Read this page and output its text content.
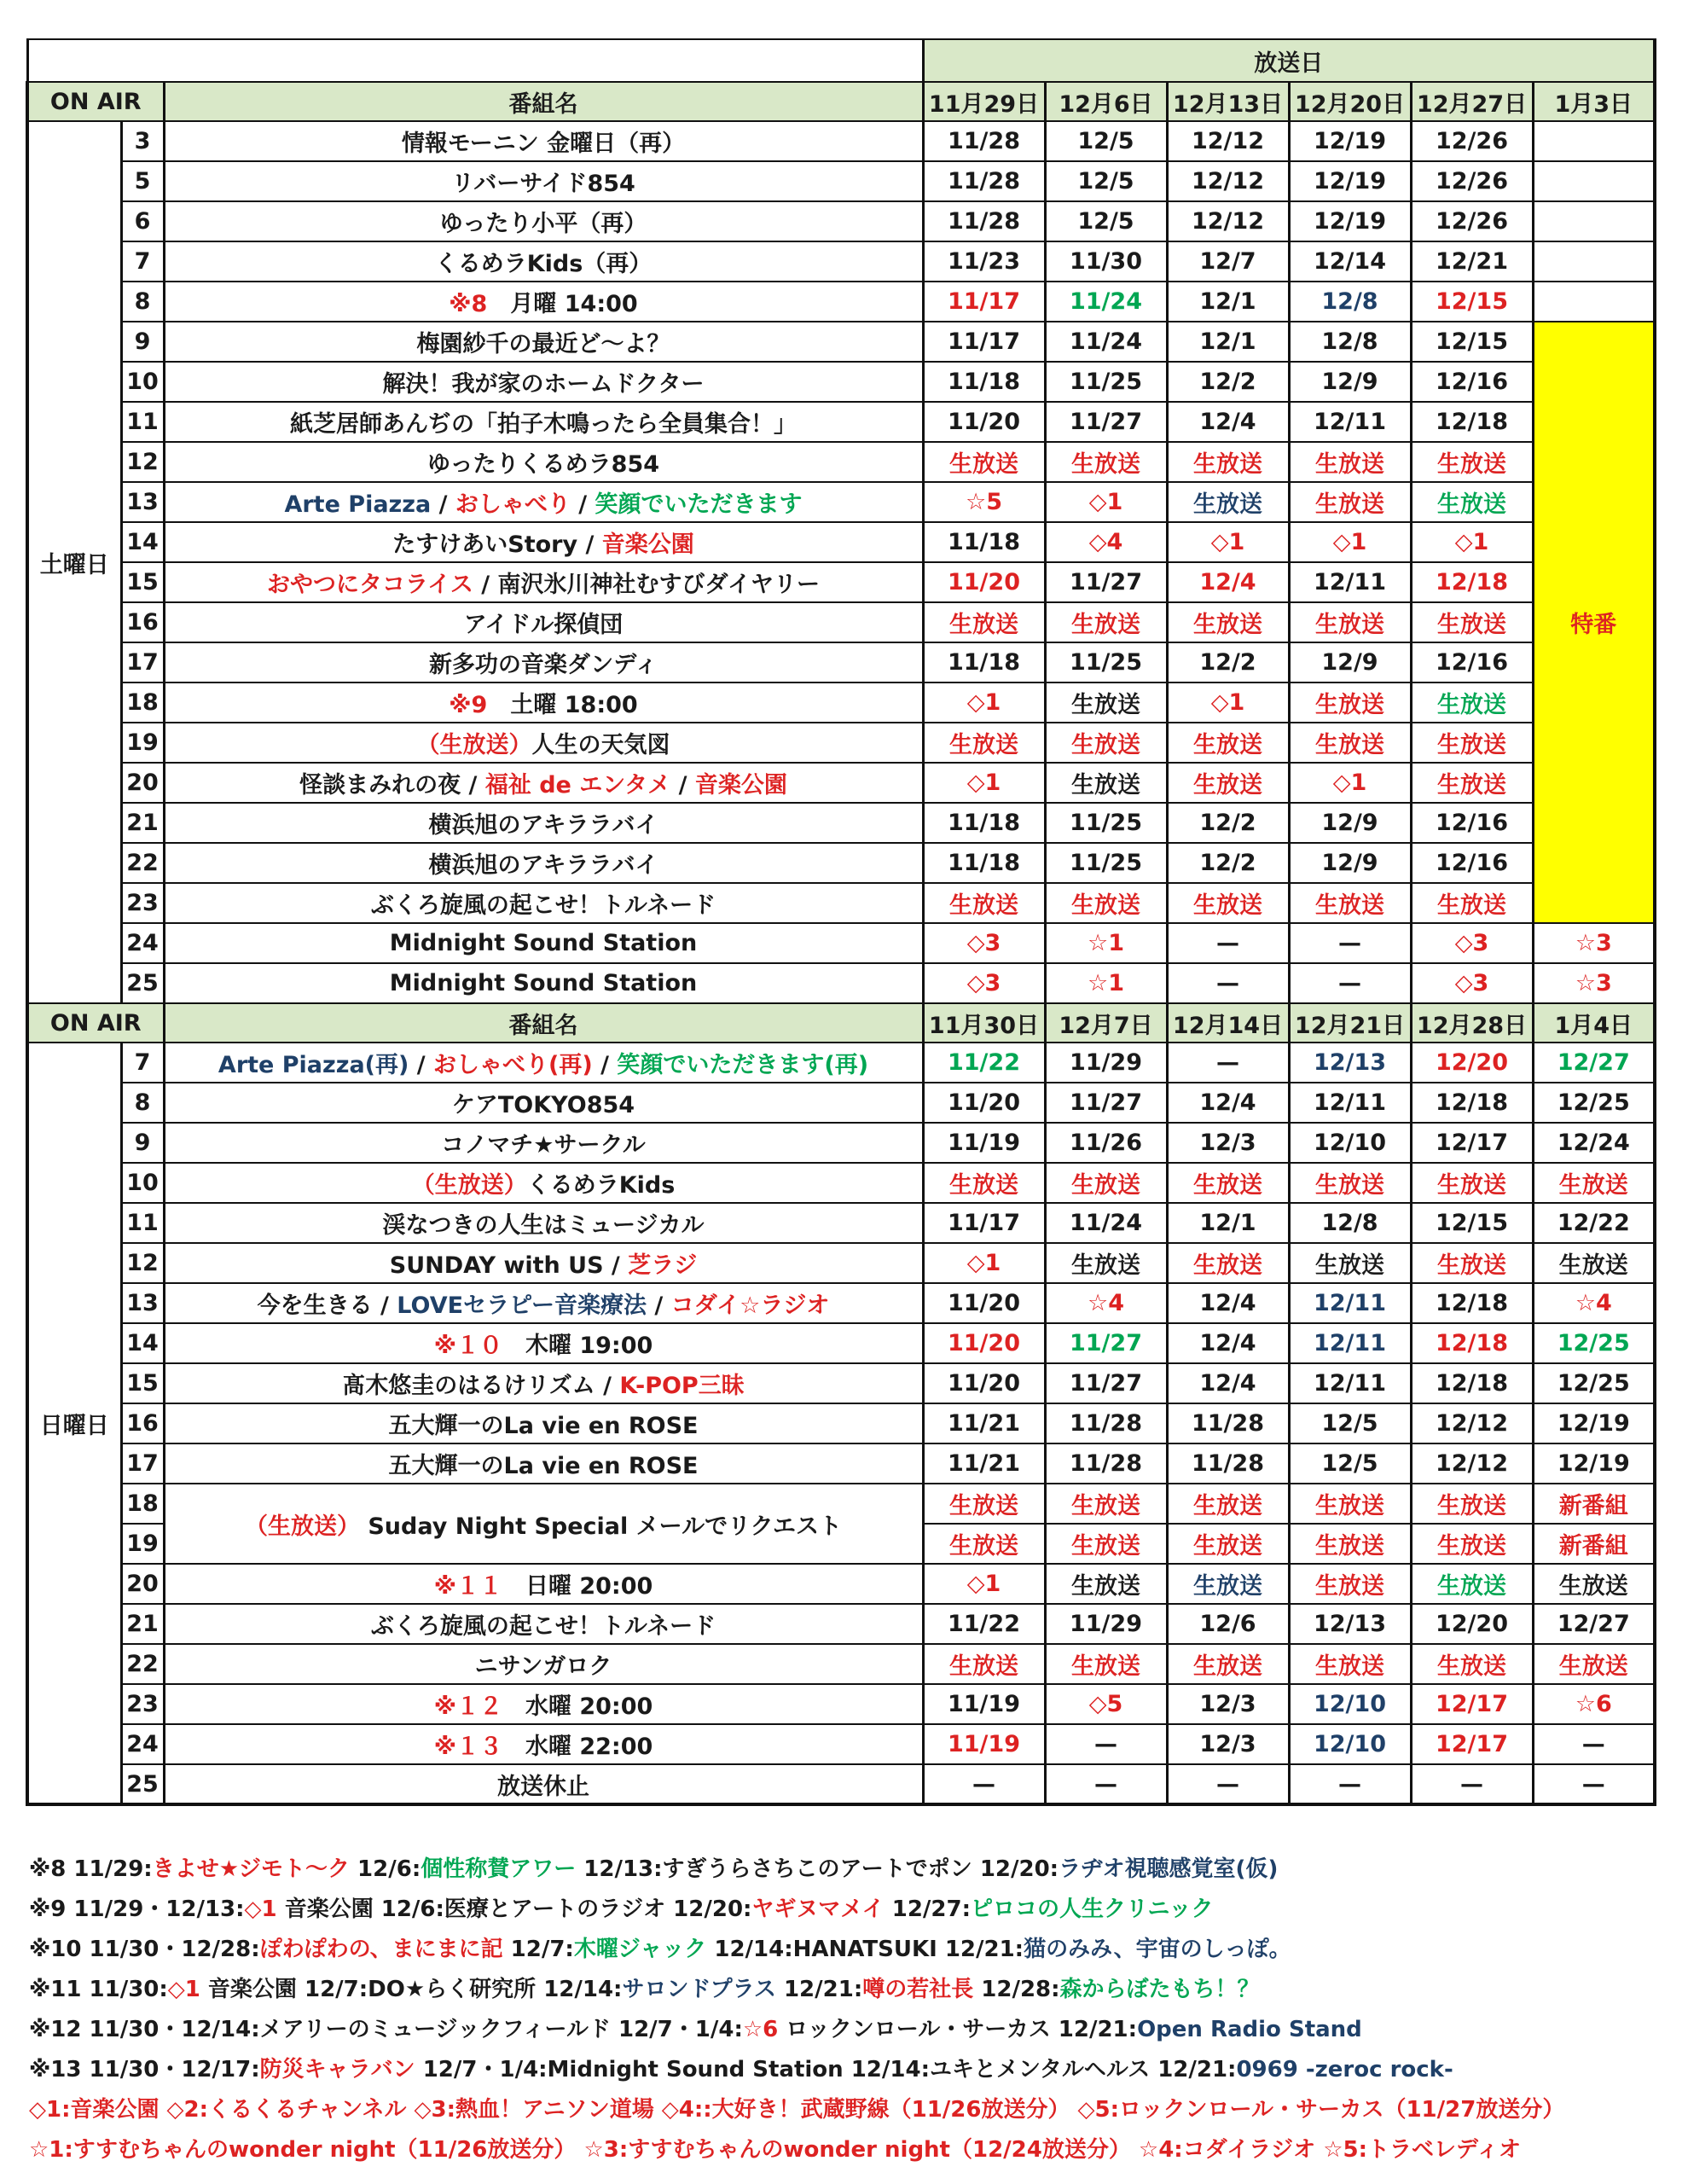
			放送日					
ON AIR		番組名	11月29日	12月6日	12月13日	12月20日	12月27日	1月3日
土曜日	3	情報モーニン 金曜日（再）	11/28	12/5	12/12	12/19	12/26	
	5	リバーサイド854	11/28	12/5	12/12	12/19	12/26	
	6	ゆったり小平（再）	11/28	12/5	12/12	12/19	12/26	
	7	くるめラKids（再）	11/23	11/30	12/7	12/14	12/21	
	8	※8　月曜 14:00	11/17	11/24	12/1	12/8	12/15	
	9	梅園紗千の最近ど～よ？	11/17	11/24	12/1	12/8	12/15	特番
	10	解決！我が家のホームドクター	11/18	11/25	12/2	12/9	12/16	
	11	紙芝居師あんぢの「拍子木鳴ったら全員集合！」	11/20	11/27	12/4	12/11	12/18	
	12	ゆったりくるめラ854	生放送	生放送	生放送	生放送	生放送	
	13	Arte Piazza / おしゃべり / 笑顔でいただきます	☆5	◇1	生放送	生放送	生放送	
	14	たすけあいStory / 音楽公園	11/18	◇4	◇1	◇1	◇1	
	15	おやつにタコライス / 南沢氷川神社むすびダイヤリー	11/20	11/27	12/4	12/11	12/18	
	16	アイドル探偵団	生放送	生放送	生放送	生放送	生放送	
	17	新多功の音楽ダンディ	11/18	11/25	12/2	12/9	12/16	
	18	※9　土曜 18:00	◇1	生放送	◇1	生放送	生放送	
	19	（生放送）人生の天気図	生放送	生放送	生放送	生放送	生放送	
	20	怪談まみれの夜 / 福祉 de エンタメ / 音楽公園	◇1	生放送	生放送	◇1	生放送	
	21	横浜旭のアキララバイ	11/18	11/25	12/2	12/9	12/16	
	22	横浜旭のアキララバイ	11/18	11/25	12/2	12/9	12/16	
	23	ぶくろ旋風の起こせ！トルネード	生放送	生放送	生放送	生放送	生放送	
	24	Midnight Sound Station	◇3	☆1	—	—	◇3	☆3
	25	Midnight Sound Station	◇3	☆1	—	—	◇3	☆3
ON AIR		番組名	11月30日	12月7日	12月14日	12月21日	12月28日	1月4日
日曜日	7	Arte Piazza(再) / おしゃべり(再) / 笑顔でいただきます(再)	11/22	11/29	—	12/13	12/20	12/27
	8	ケアTOKYO854	11/20	11/27	12/4	12/11	12/18	12/25
	9	コノマチ★サークル	11/19	11/26	12/3	12/10	12/17	12/24
	10	（生放送）くるめラKids	生放送	生放送	生放送	生放送	生放送	生放送
	11	渓なつきの人生はミュージカル	11/17	11/24	12/1	12/8	12/15	12/22
	12	SUNDAY with US / 芝ラジ	◇1	生放送	生放送	生放送	生放送	生放送
	13	今を生きる / LOVEセラピー音楽療法 / コダイ☆ラジオ	11/20	☆4	12/4	12/11	12/18	☆4
	14	※１０　木曜 19:00	11/20	11/27	12/4	12/11	12/18	12/25
	15	髙木悠圭のはるけリズム / K-POP三昧	11/20	11/27	12/4	12/11	12/18	12/25
	16	五大輝一のLa vie en ROSE	11/21	11/28	11/28	12/5	12/12	12/19
	17	五大輝一のLa vie en ROSE	11/21	11/28	11/28	12/5	12/12	12/19
	18	（生放送） Suday Night Special メールでリクエスト	生放送	生放送	生放送	生放送	生放送	新番組
	19		生放送	生放送	生放送	生放送	生放送	新番組
	20	※１１　日曜 20:00	◇1	生放送	生放送	生放送	生放送	生放送
	21	ぶくろ旋風の起こせ！トルネード	11/22	11/29	12/6	12/13	12/20	12/27
	22	ニサンガロク	生放送	生放送	生放送	生放送	生放送	生放送
	23	※１２　水曜 20:00	11/19	◇5	12/3	12/10	12/17	☆6
	24	※１３　水曜 22:00	11/19	—	12/3	12/10	12/17	—
	25	放送休止	—	—	—	—	—	—
※8 11/29:きよせ★ジモト～ク 12/6:個性称賛アワー 12/13:すぎうらさちこのアートでポン 12/20:ラヂオ視聴感覚室(仮)
※9 11/29・12/13:◇1 音楽公園 12/6:医療とアートのラジオ 12/20:ヤギヌマメイ 12/27:ピロコの人生クリニック
※10 11/30・12/28:ぽわぽわの、まにまに記 12/7:木曜ジャック 12/14:HANATSUKI 12/21:猫のみみ、宇宙のしっぽ。
※11 11/30:◇1 音楽公園 12/7:DO★らく研究所 12/14:サロンドプラス 12/21:噂の若社長 12/28:森からぼたもち！？
※12 11/30・12/14:メアリーのミュージックフィールド 12/7・1/4:☆6 ロックンロール・サーカス 12/21:Open Radio Stand
※13 11/30・12/17:防災キャラバン 12/7・1/4:Midnight Sound Station 12/14:ユキとメンタルヘルス 12/21:0969 -zeroc rock-
◇1:音楽公園 ◇2:くるくるチャンネル ◇3:熱血！アニソン道場 ◇4::大好き！武蔵野線（11/26放送分） ◇5:ロックンロール・サーカス（11/27放送分）
☆1:すすむちゃんのwonder night（11/26放送分） ☆3:すすむちゃんのwonder night（12/24放送分） ☆4:コダイラジオ ☆5:トラベレディオ
